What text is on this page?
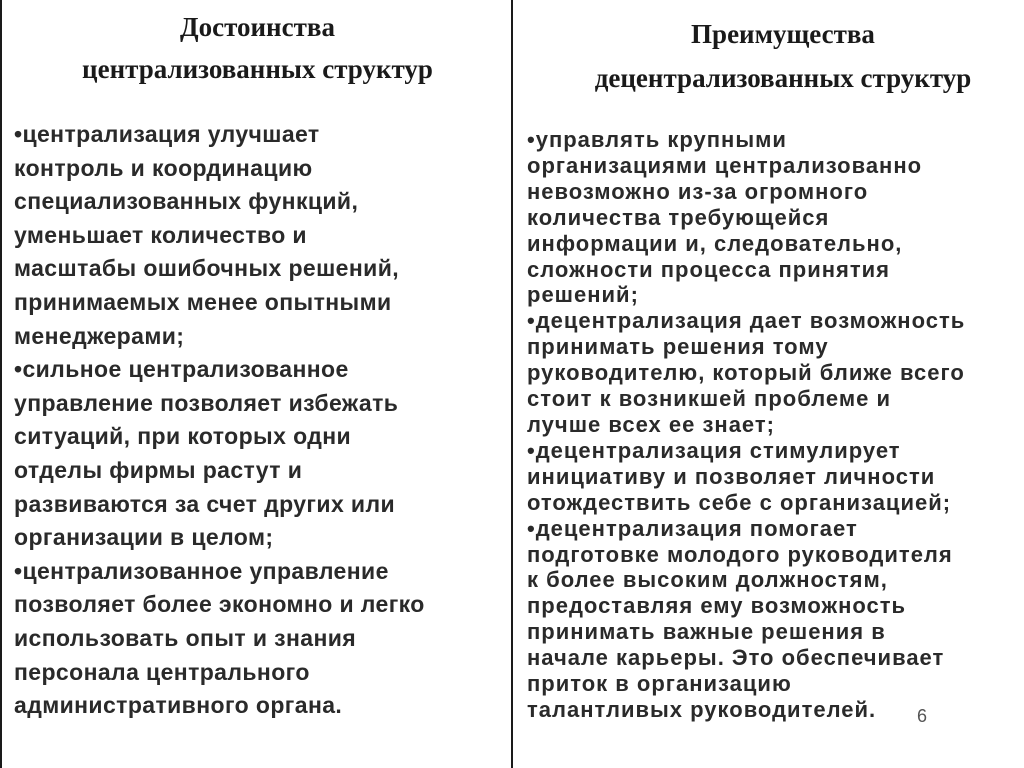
Достоинства
централизованных структур
•централизация улучшает
контроль и координацию
специализованных функций,
уменьшает количество и
масштабы ошибочных решений,
принимаемых менее опытными
менеджерами;
•сильное централизованное
управление позволяет избежать
ситуаций, при которых одни
отделы фирмы растут и
развиваются за счет других или
организации в целом;
•централизованное управление
позволяет более экономно и легко
использовать опыт и знания
персонала центрального
административного органа.
Преимущества
децентрализованных структур
•управлять крупными
организациями централизованно
невозможно из-за огромного
количества требующейся
информации и, следовательно,
сложности процесса принятия
решений;
•децентрализация дает возможность
принимать решения тому
руководителю, который ближе всего
стоит к возникшей проблеме и
лучше всех ее знает;
•децентрализация стимулирует
инициативу и позволяет личности
отождествить себе с организацией;
•децентрализация помогает
подготовке молодого руководителя
к более высоким должностям,
предоставляя ему возможность
принимать важные решения в
начале карьеры. Это обеспечивает
приток в организацию
талантливых руководителей.	6
